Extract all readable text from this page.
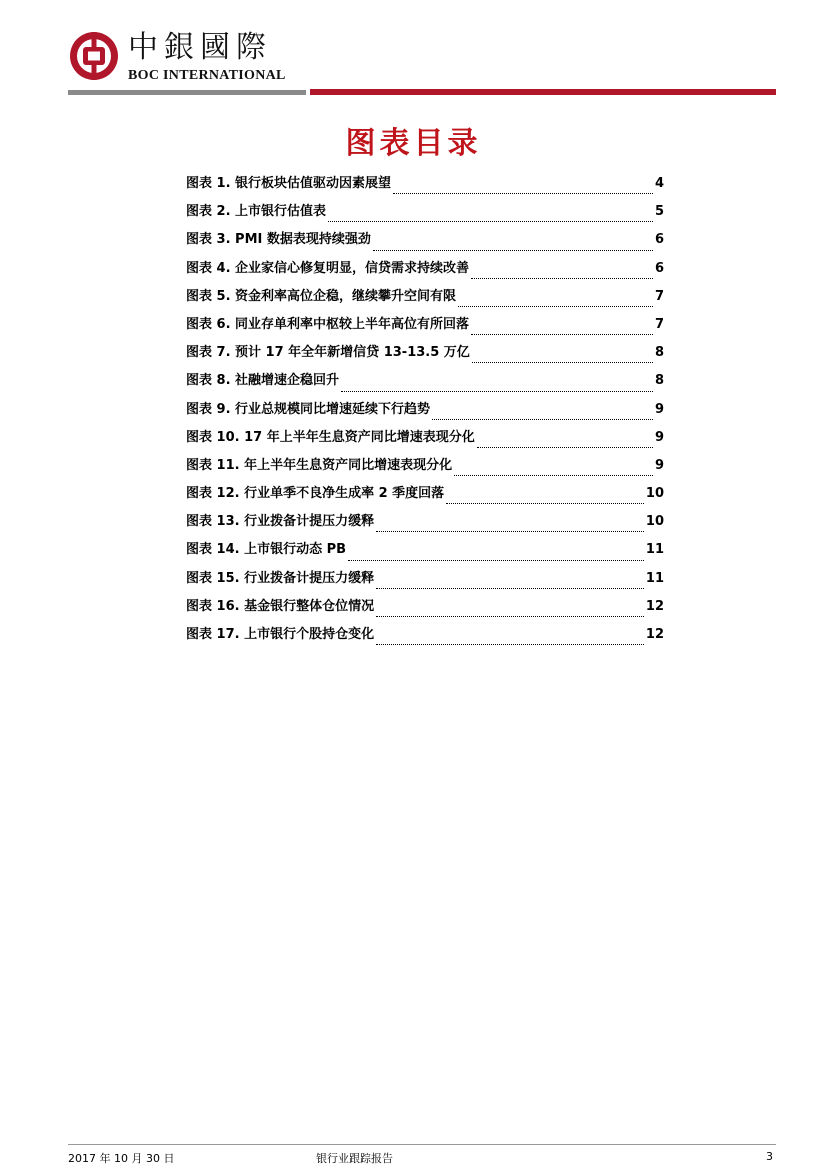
中銀國際
BOC INTERNATIONAL
图表目录
图表 1. 银行板块估值驱动因素展望	4
图表 2. 上市银行估值表	5
图表 3. PMI 数据表现持续强劲	6
图表 4. 企业家信心修复明显，信贷需求持续改善	6
图表 5. 资金利率高位企稳，继续攀升空间有限	7
图表 6. 同业存单利率中枢较上半年高位有所回落	7
图表 7. 预计 17 年全年新增信贷 13-13.5 万亿	8
图表 8. 社融增速企稳回升	8
图表 9. 行业总规模同比增速延续下行趋势	9
图表 10. 17 年上半年生息资产同比增速表现分化	9
图表 11. 年上半年生息资产同比增速表现分化	9
图表 12. 行业单季不良净生成率 2 季度回落	10
图表 13. 行业拨备计提压力缓释	10
图表 14. 上市银行动态 PB	11
图表 15. 行业拨备计提压力缓释	11
图表 16. 基金银行整体仓位情况	12
图表 17. 上市银行个股持仓变化	12
2017 年 10 月 30 日	银行业跟踪报告	3
